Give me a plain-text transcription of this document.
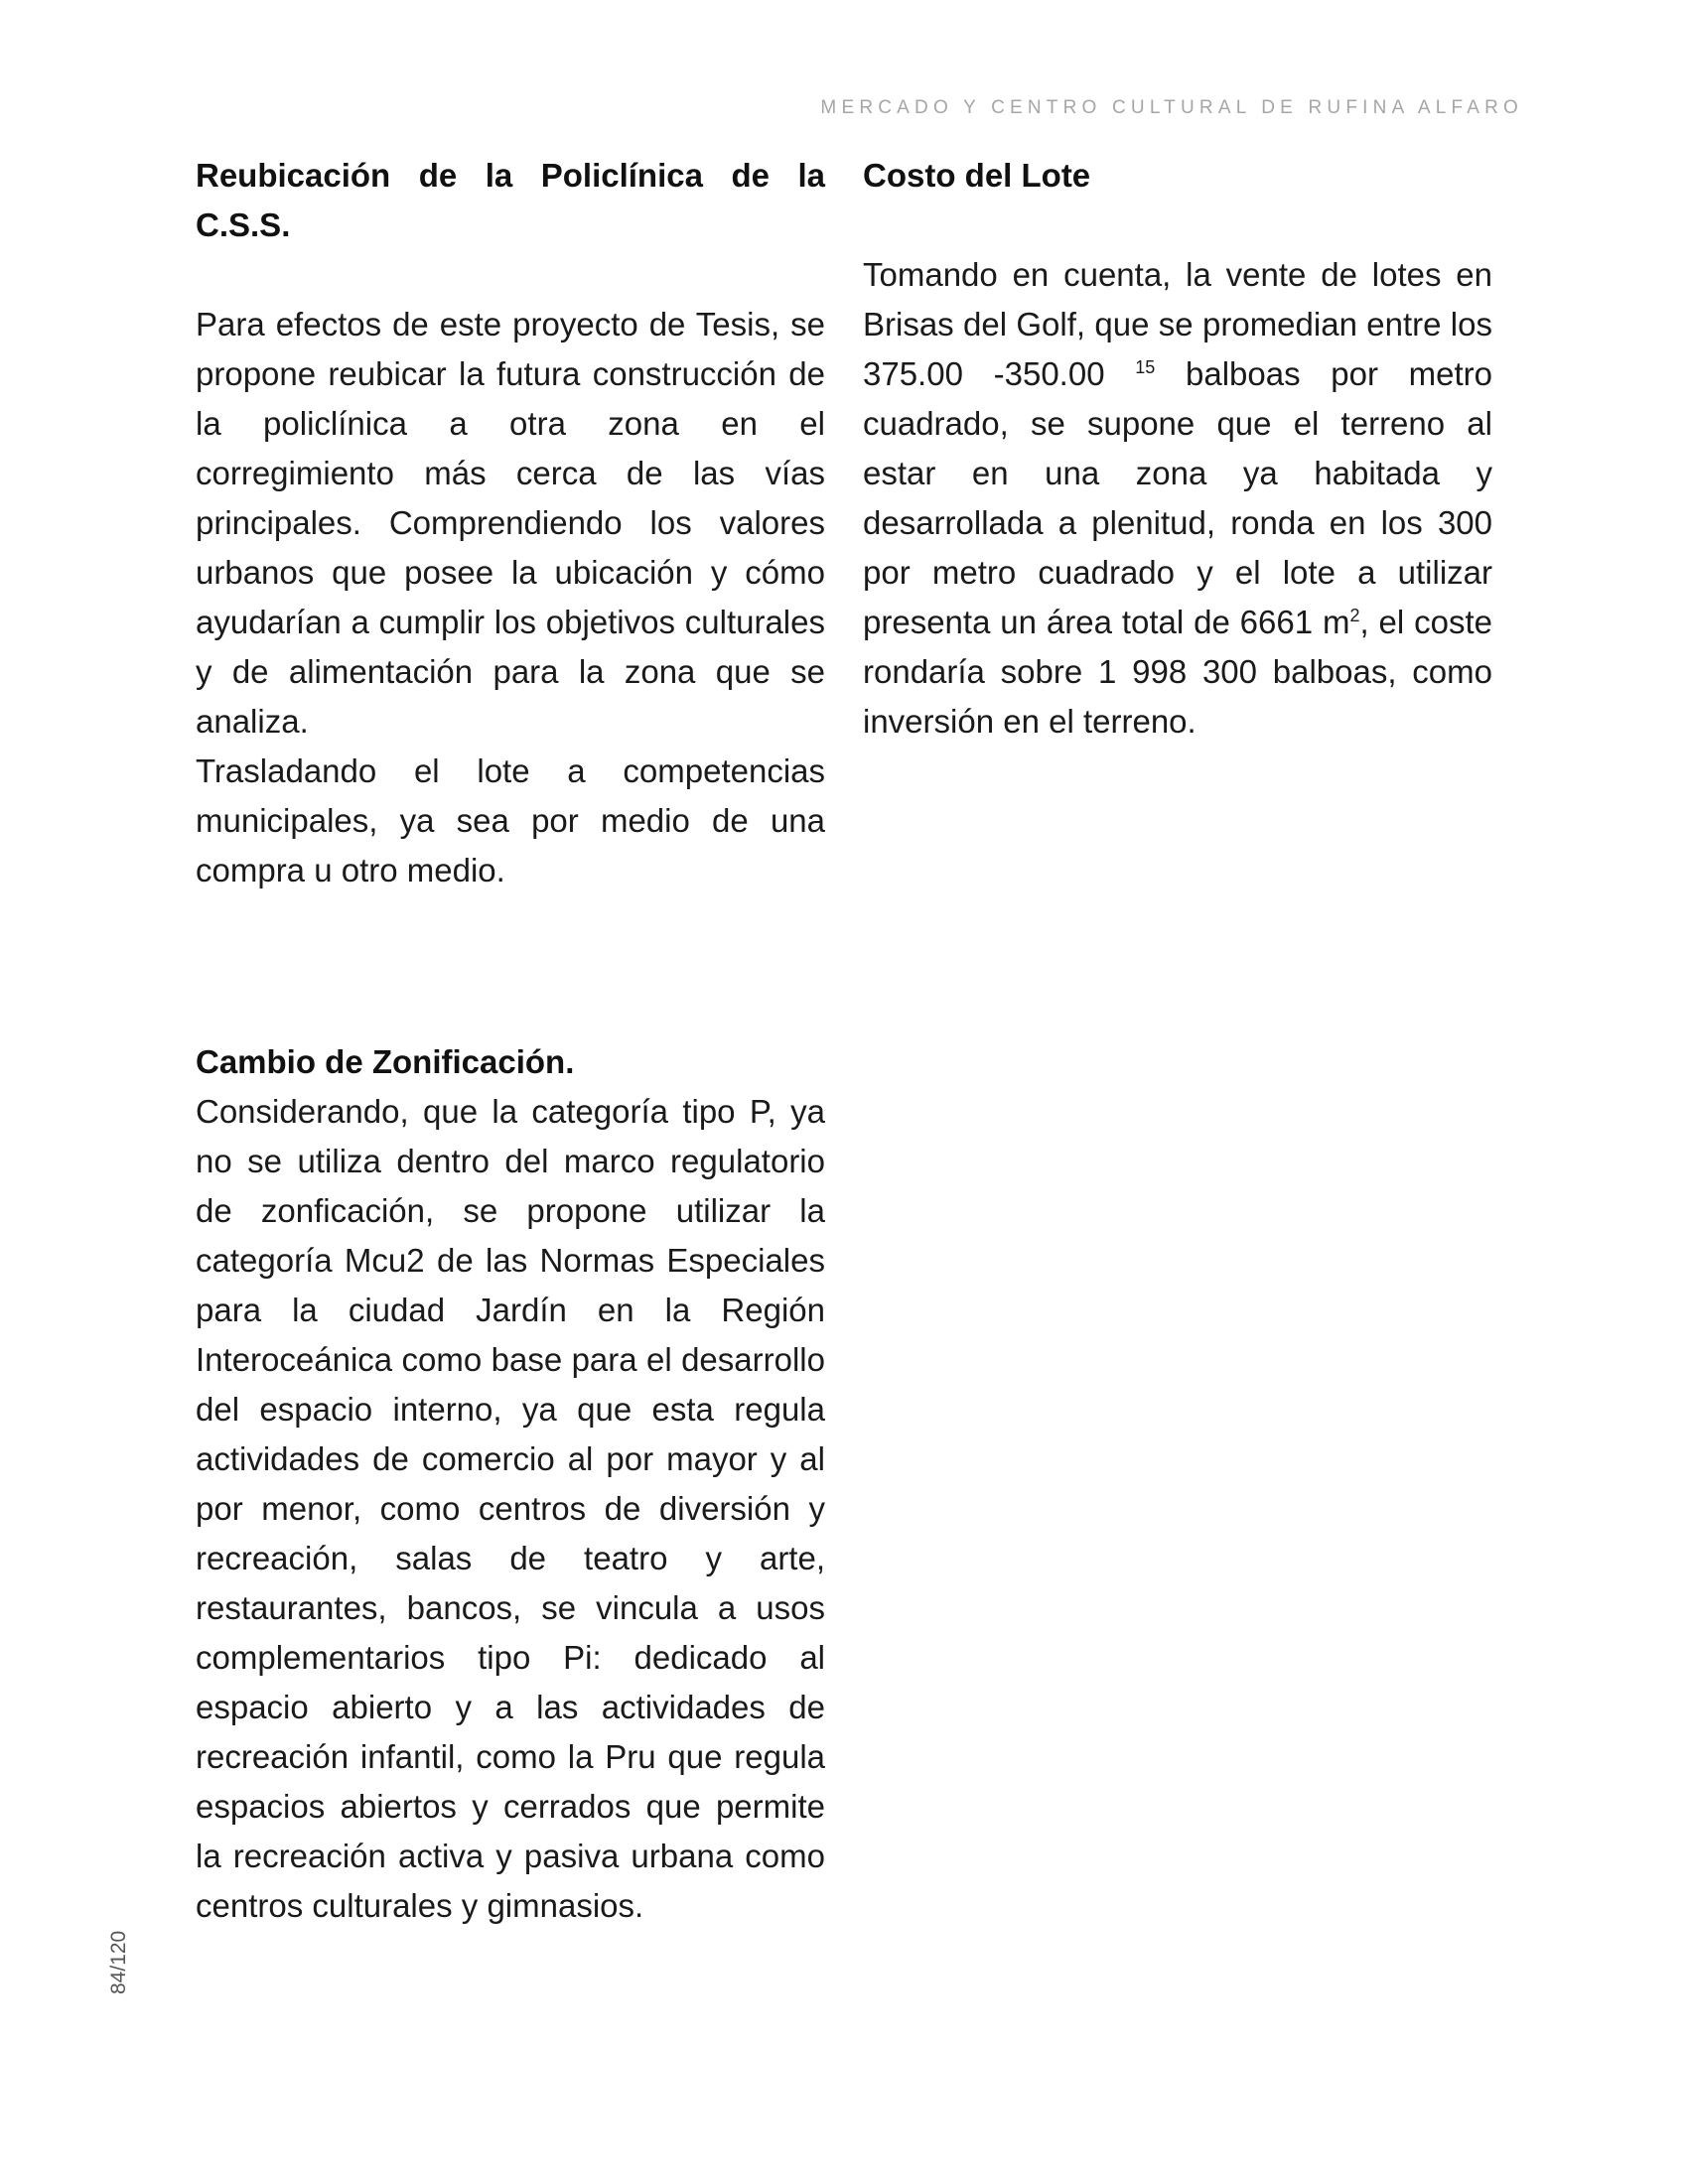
MERCADO Y CENTRO CULTURAL DE RUFINA ALFARO
Reubicación de la Policlínica de la C.S.S.

Para efectos de este proyecto de Tesis, se propone reubicar la futura construcción de la policlínica a otra zona en el corregimiento más cerca de las vías principales. Comprendiendo los valores urbanos que posee la ubicación y cómo ayudarían a cumplir los objetivos culturales y de alimentación para la zona que se analiza.

Trasladando el lote a competencias municipales, ya sea por medio de una compra u otro medio.

Costo del Lote

Tomando en cuenta, la vente de lotes en Brisas del Golf, que se promedian entre los 375.00 -350.00 $^{15}$ balboas por metro cuadrado, se supone que el terreno al estar en una zona ya habitada y desarrollada a plenitud, ronda en los 300 por metro cuadrado y el lote a utilizar presenta un área total de 6661 $m^2$, el coste rondaría sobre 1 998 300 balboas, como inversión en el terreno.

Cambio de Zonificación.

Considerando, que la categoría tipo P, ya no se utiliza dentro del marco regulatorio de zonficación, se propone utilizar la categoría Mcu2 de las Normas Especiales para la ciudad Jardín en la Región Interoceánica como base para el desarrollo del espacio interno, ya que esta regula actividades de comercio al por mayor y al por menor, como centros de diversión y recreación, salas de teatro y arte, restaurantes, bancos, se vincula a usos complementarios tipo Pi: dedicado al espacio abierto y a las actividades de recreación infantil, como la Pru que regula espacios abiertos y cerrados que permite la recreación activa y pasiva urbana como centros culturales y gimnasios.

84/120
